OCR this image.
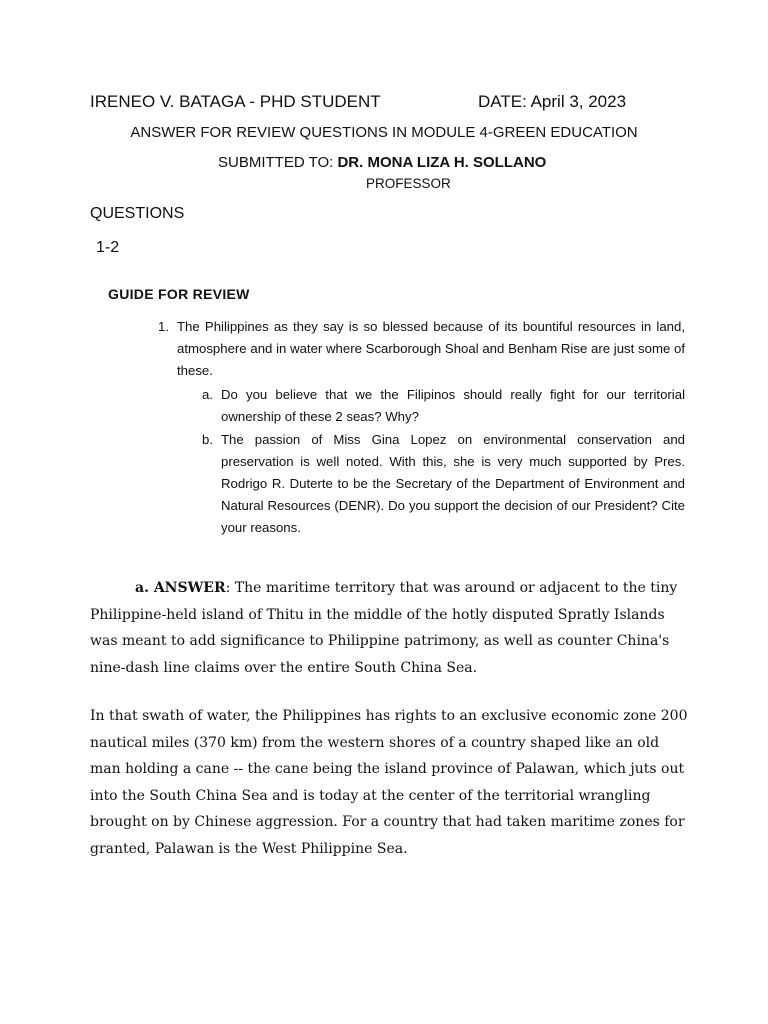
IRENEO V. BATAGA - PHD STUDENT	DATE: April 3, 2023
ANSWER FOR REVIEW QUESTIONS IN MODULE 4-GREEN EDUCATION
SUBMITTED TO: DR. MONA LIZA H. SOLLANO
PROFESSOR
QUESTIONS
1-2
GUIDE FOR REVIEW
1. The Philippines as they say is so blessed because of its bountiful resources in land, atmosphere and in water where Scarborough Shoal and Benham Rise are just some of these.
a. Do you believe that we the Filipinos should really fight for our territorial ownership of these 2 seas? Why?
b. The passion of Miss Gina Lopez on environmental conservation and preservation is well noted. With this, she is very much supported by Pres. Rodrigo R. Duterte to be the Secretary of the Department of Environment and Natural Resources (DENR). Do you support the decision of our President? Cite your reasons.
a. ANSWER: The maritime territory that was around or adjacent to the tiny Philippine-held island of Thitu in the middle of the hotly disputed Spratly Islands was meant to add significance to Philippine patrimony, as well as counter China's nine-dash line claims over the entire South China Sea.
In that swath of water, the Philippines has rights to an exclusive economic zone 200 nautical miles (370 km) from the western shores of a country shaped like an old man holding a cane -- the cane being the island province of Palawan, which juts out into the South China Sea and is today at the center of the territorial wrangling brought on by Chinese aggression. For a country that had taken maritime zones for granted, Palawan is the West Philippine Sea.
